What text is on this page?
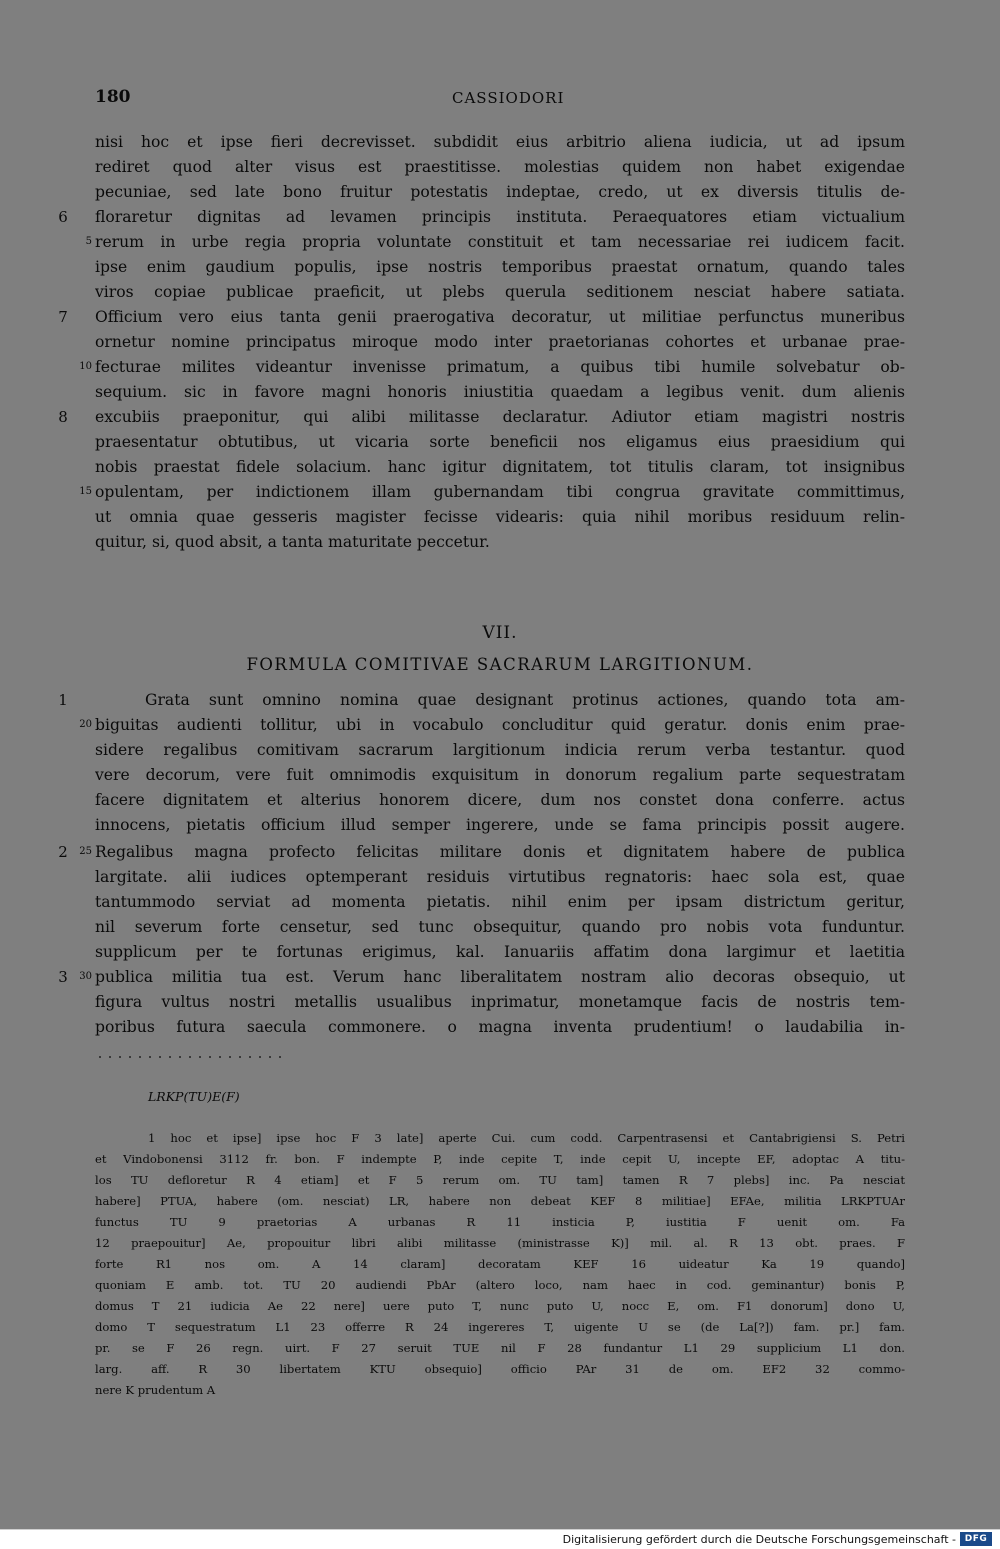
180	CASSIODORI
nisi hoc et ipse fieri decrevisset. subdidit eius arbitrio aliena iudicia, ut ad ipsum
rediret quod alter visus est praestitisse. molestias quidem non habet exigendae
pecuniae, sed late bono fruitur potestatis indeptae, credo, ut ex diversis titulis de-
floraretur dignitas ad levamen principis instituta. Peraequatores etiam victualium
rerum in urbe regia propria voluntate constituit et tam necessariae rei iudicem facit.
ipse enim gaudium populis, ipse nostris temporibus praestat ornatum, quando tales
viros copiae publicae praeficit, ut plebs querula seditionem nesciat habere satiata.
Officium vero eius tanta genii praerogativa decoratur, ut militiae perfunctus muneribus
ornetur nomine principatus miroque modo inter praetorianas cohortes et urbanae prae-
fecturae milites videantur invenisse primatum, a quibus tibi humile solvebatur ob-
sequium. sic in favore magni honoris iniustitia quaedam a legibus venit. dum alienis
excubiis praeponitur, qui alibi militasse declaratur. Adiutor etiam magistri nostris
praesentatur obtutibus, ut vicaria sorte beneficii nos eligamus eius praesidium qui
nobis praestat fidele solacium. hanc igitur dignitatem, tot titulis claram, tot insignibus
opulentam, per indictionem illam gubernandam tibi congrua gravitate committimus,
ut omnia quae gesseris magister fecisse videaris: quia nihil moribus residuum relin-
quitur, si, quod absit, a tanta maturitate peccetur.
6
5
7
10
8
15
VII.
FORMULA COMITIVAE SACRARUM LARGITIONUM.
Grata sunt omnino nomina quae designant protinus actiones, quando tota am-
biguitas audienti tollitur, ubi in vocabulo concluditur quid geratur. donis enim prae-
sidere regalibus comitivam sacrarum largitionum indicia rerum verba testantur. quod
vere decorum, vere fuit omnimodis exquisitum in donorum regalium parte sequestratam
facere dignitatem et alterius honorem dicere, dum nos constet dona conferre. actus
innocens, pietatis officium illud semper ingerere, unde se fama principis possit augere.
Regalibus magna profecto felicitas militare donis et dignitatem habere de publica
largitate. alii iudices optemperant residuis virtutibus regnatoris: haec sola est, quae
tantummodo serviat ad momenta pietatis. nihil enim per ipsam districtum geritur,
nil severum forte censetur, sed tunc obsequitur, quando pro nobis vota funduntur.
supplicum per te fortunas erigimus, kal. Ianuariis affatim dona largimur et laetitia
publica militia tua est. Verum hanc liberalitatem nostram alio decoras obsequio, ut
figura vultus nostri metallis usualibus inprimatur, monetamque facis de nostris tem-
poribus futura saecula commonere. o magna inventa prudentium! o laudabilia in-
1
20
2	25
3	30
LRKP(TU)E(F)
1 hoc et ipse] ipse hoc F 3 late] aperte Cui. cum codd. Carpentrasensi et Cantabrigiensi S. Petri
et Vindobonensi 3112 fr. bon. F indempte P, inde cepite T, inde cepit U, incepte EF, adoptac A titu-
los TU defloretur R 4 etiam] et F 5 rerum om. TU tam] tamen R 7 plebs] inc. Pa nesciat
habere] PTUA, habere (om. nesciat) LR, habere non debeat KEF 8 militiae] EFAe, militia LRKPTUAr
functus TU 9 praetorias A urbanas R 11 insticia P, iustitia F uenit om. Fa
12 praepouitur] Ae, propouitur libri alibi militasse (ministrasse K)] mil. al. R 13 obt. praes. F
forte R1 nos om. A 14 claram] decoratam KEF 16 uideatur Ka 19 quando]
quoniam E amb. tot. TU 20 audiendi PbAr (altero loco, nam haec in cod. geminantur) bonis P,
domus T 21 iudicia Ae 22 nere] uere puto T, nunc puto U, nocc E, om. F1 donorum] dono U,
domo T sequestratum L1 23 offerre R 24 ingereres T, uigente U se (de La[?]) fam. pr.] fam.
pr. se F 26 regn. uirt. F 27 seruit TUE nil F 28 fundantur L1 29 supplicium L1 don.
larg. aff. R 30 libertatem KTU obsequio] officio PAr 31 de om. EF2 32 commo-
nere K prudentum A
Digitalisierung gefördert durch die Deutsche Forschungsgemeinschaft - DFG
